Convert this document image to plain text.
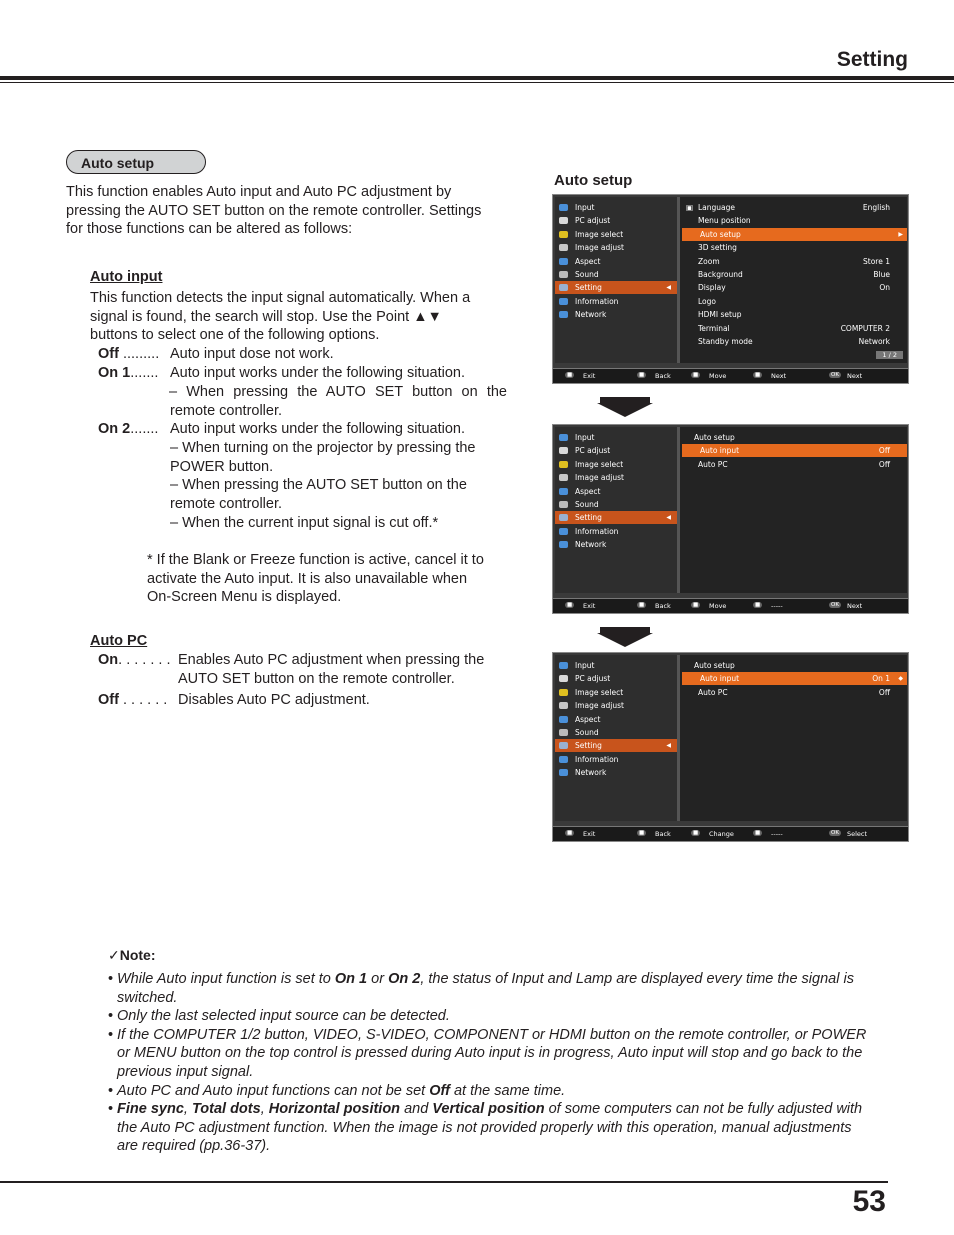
Setting
Auto setup
This function enables Auto input and Auto PC adjustment by pressing the AUTO SET button on the remote controller. Settings for those functions can be altered as follows:
Auto input
This function detects the input signal automatically. When a signal is found, the search will stop. Use the Point ▲▼ buttons to select one of the following options.
Off ......... Auto input dose not work.
On 1....... Auto input works under the following situation.
– When pressing the AUTO SET button on the remote controller.
On 2....... Auto input works under the following situation.
– When turning on the projector by pressing the POWER button.
– When pressing the AUTO SET button on the remote controller.
– When the current input signal is cut off.*
* If the Blank or Freeze function is active, cancel it to activate the Auto input. It is also unavailable when On-Screen Menu is displayed.
Auto PC
On. . . . . . . Enables Auto PC adjustment when pressing the AUTO SET button on the remote controller.
Off . . . . . . Disables Auto PC adjustment.
Auto setup
Input
PC adjust
Image select
Image adjust
Aspect
Sound
Setting	◀
Information
Network
▣ Language	English
Menu position
Auto setup	▶
3D setting
Zoom	Store 1
Background	Blue
Display	On
Logo
HDMI setup
Terminal	COMPUTER 2
Standby mode	Network
1 / 2
■	Exit	■	Back	■	Move	■	Next	OK	Next
Input
PC adjust
Image select
Image adjust
Aspect
Sound
Setting	◀
Information
Network
Auto setup
Auto input	Off
Auto PC	Off
■	Exit	■	Back	■	Move	■	-----	OK	Next
Input
PC adjust
Image select
Image adjust
Aspect
Sound
Setting	◀
Information
Network
Auto setup
Auto input	On 1 ◆
Auto PC	Off
■	Exit	■	Back	■	Change	■	-----	OK	Select
✓Note:
• While Auto input function is set to On 1 or On 2, the status of Input and Lamp are displayed every time the signal is switched.
• Only the last selected input source can be detected.
• If the COMPUTER 1/2 button, VIDEO, S-VIDEO, COMPONENT or HDMI button on the remote controller, or POWER or MENU button on the top control is pressed during Auto input is in progress, Auto input will stop and go back to the previous input signal.
• Auto PC and Auto input functions can not be set Off at the same time.
• Fine sync, Total dots, Horizontal position and Vertical position of some computers can not be fully adjusted with the Auto PC adjustment function. When the image is not provided properly with this operation, manual adjustments are required (pp.36-37).
53
